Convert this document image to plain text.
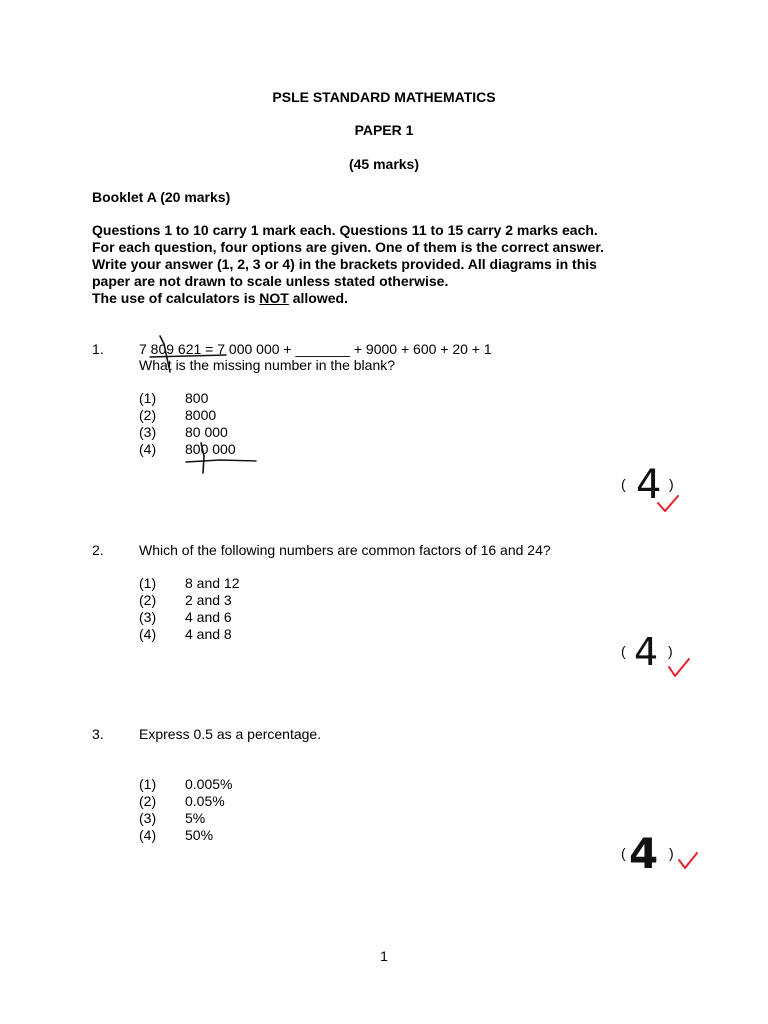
PSLE STANDARD MATHEMATICS
PAPER 1
(45 marks)
Booklet A (20 marks)
Questions 1 to 10 carry 1 mark each. Questions 11 to 15 carry 2 marks each.
For each question, four options are given. One of them is the correct answer.
Write your answer (1, 2, 3 or 4) in the brackets provided. All diagrams in this
paper are not drawn to scale unless stated otherwise.
The use of calculators is NOT allowed.
1.	7 809 621 = 7 000 000 + _______ + 9000 + 600 + 20 + 1
What is the missing number in the blank?
(1) 800
(2) 8000
(3) 80 000
(4) 800 000
( 4 )
2.	Which of the following numbers are common factors of 16 and 24?
(1) 8 and 12
(2) 2 and 3
(3) 4 and 6
(4) 4 and 8
( 4 )
3.	Express 0.5 as a percentage.
(1) 0.005%
(2) 0.05%
(3) 5%
(4) 50%
( 4 )
1
